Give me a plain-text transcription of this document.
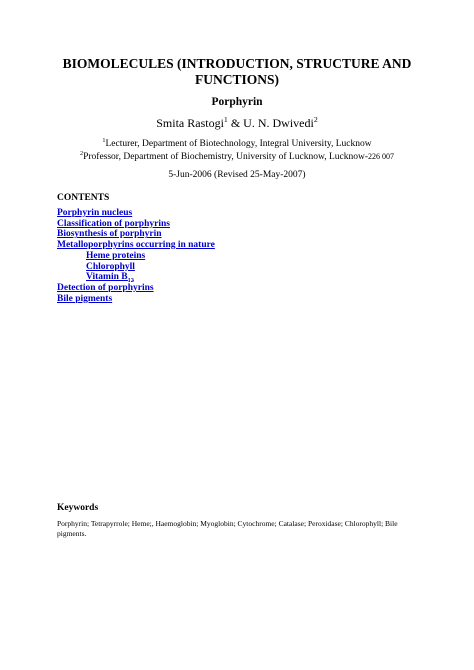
BIOMOLECULES (INTRODUCTION, STRUCTURE AND FUNCTIONS)
Porphyrin
Smita Rastogi$^1$ & U. N. Dwivedi$^2$
$^1$Lecturer, Department of Biotechnology, Integral University, Lucknow
$^2$Professor, Department of Biochemistry, University of Lucknow, Lucknow-226 007
5-Jun-2006 (Revised 25-May-2007)
CONTENTS
Porphyrin nucleus
Classification of porphyrins
Biosynthesis of porphyrin
Metalloporphyrins occurring in nature
Heme proteins
Chlorophyll
Vitamin $B_{12}$
Detection of porphyrins
Bile pigments
Keywords
Porphyrin; Tetrapyrrole; Heme;, Haemoglobin; Myoglobin; Cytochrome; Catalase; Peroxidase; Chlorophyll; Bile pigments.
